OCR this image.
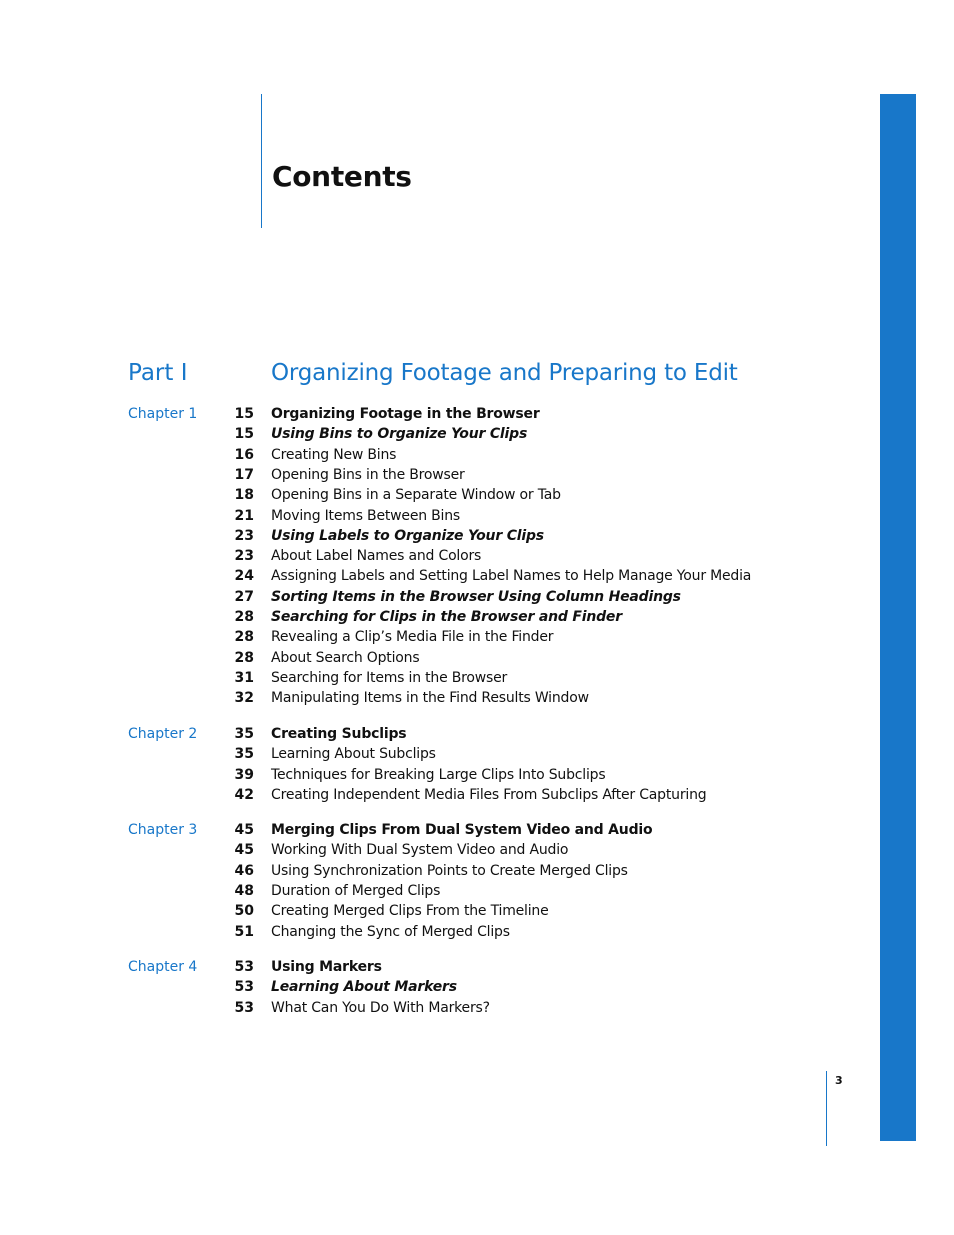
Contents
Part I	Organizing Footage and Preparing to Edit
Chapter 1	15 Organizing Footage in the Browser
15 Using Bins to Organize Your Clips
16 Creating New Bins
17 Opening Bins in the Browser
18 Opening Bins in a Separate Window or Tab
21 Moving Items Between Bins
23 Using Labels to Organize Your Clips
23 About Label Names and Colors
24 Assigning Labels and Setting Label Names to Help Manage Your Media
27 Sorting Items in the Browser Using Column Headings
28 Searching for Clips in the Browser and Finder
28 Revealing a Clip’s Media File in the Finder
28 About Search Options
31 Searching for Items in the Browser
32 Manipulating Items in the Find Results Window
Chapter 2	35 Creating Subclips
35 Learning About Subclips
39 Techniques for Breaking Large Clips Into Subclips
42 Creating Independent Media Files From Subclips After Capturing
Chapter 3	45 Merging Clips From Dual System Video and Audio
45 Working With Dual System Video and Audio
46 Using Synchronization Points to Create Merged Clips
48 Duration of Merged Clips
50 Creating Merged Clips From the Timeline
51 Changing the Sync of Merged Clips
Chapter 4	53 Using Markers
53 Learning About Markers
53 What Can You Do With Markers?
3
